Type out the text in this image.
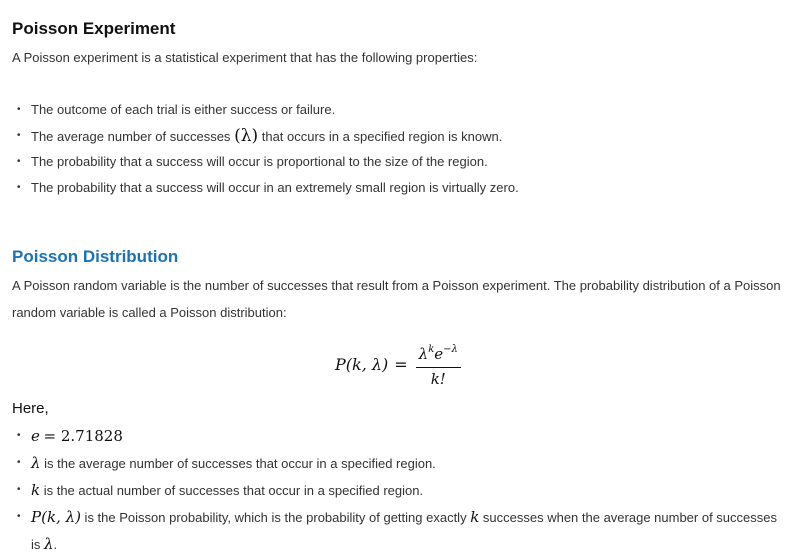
Poisson Experiment

A Poisson experiment is a statistical experiment that has the following properties:

• The outcome of each trial is either success or failure.
• The average number of successes (λ) that occurs in a specified region is known.
• The probability that a success will occur is proportional to the size of the region.
• The probability that a success will occur in an extremely small region is virtually zero.
Poisson Distribution

A Poisson random variable is the number of successes that result from a Poisson experiment. The probability distribution of a Poisson
random variable is called a Poisson distribution:

P(k, $\lambda) = \frac{\lambda^ke^{-\lambda}}{k!}$

Here,

• e = 2.71828
• λ is the average number of successes that occur in a specified region.
• k is the actual number of successes that occur in a specified region.
• P(k, λ) is the Poisson probability, which is the probability of getting exactly k successes when the average number of successes
is λ.
